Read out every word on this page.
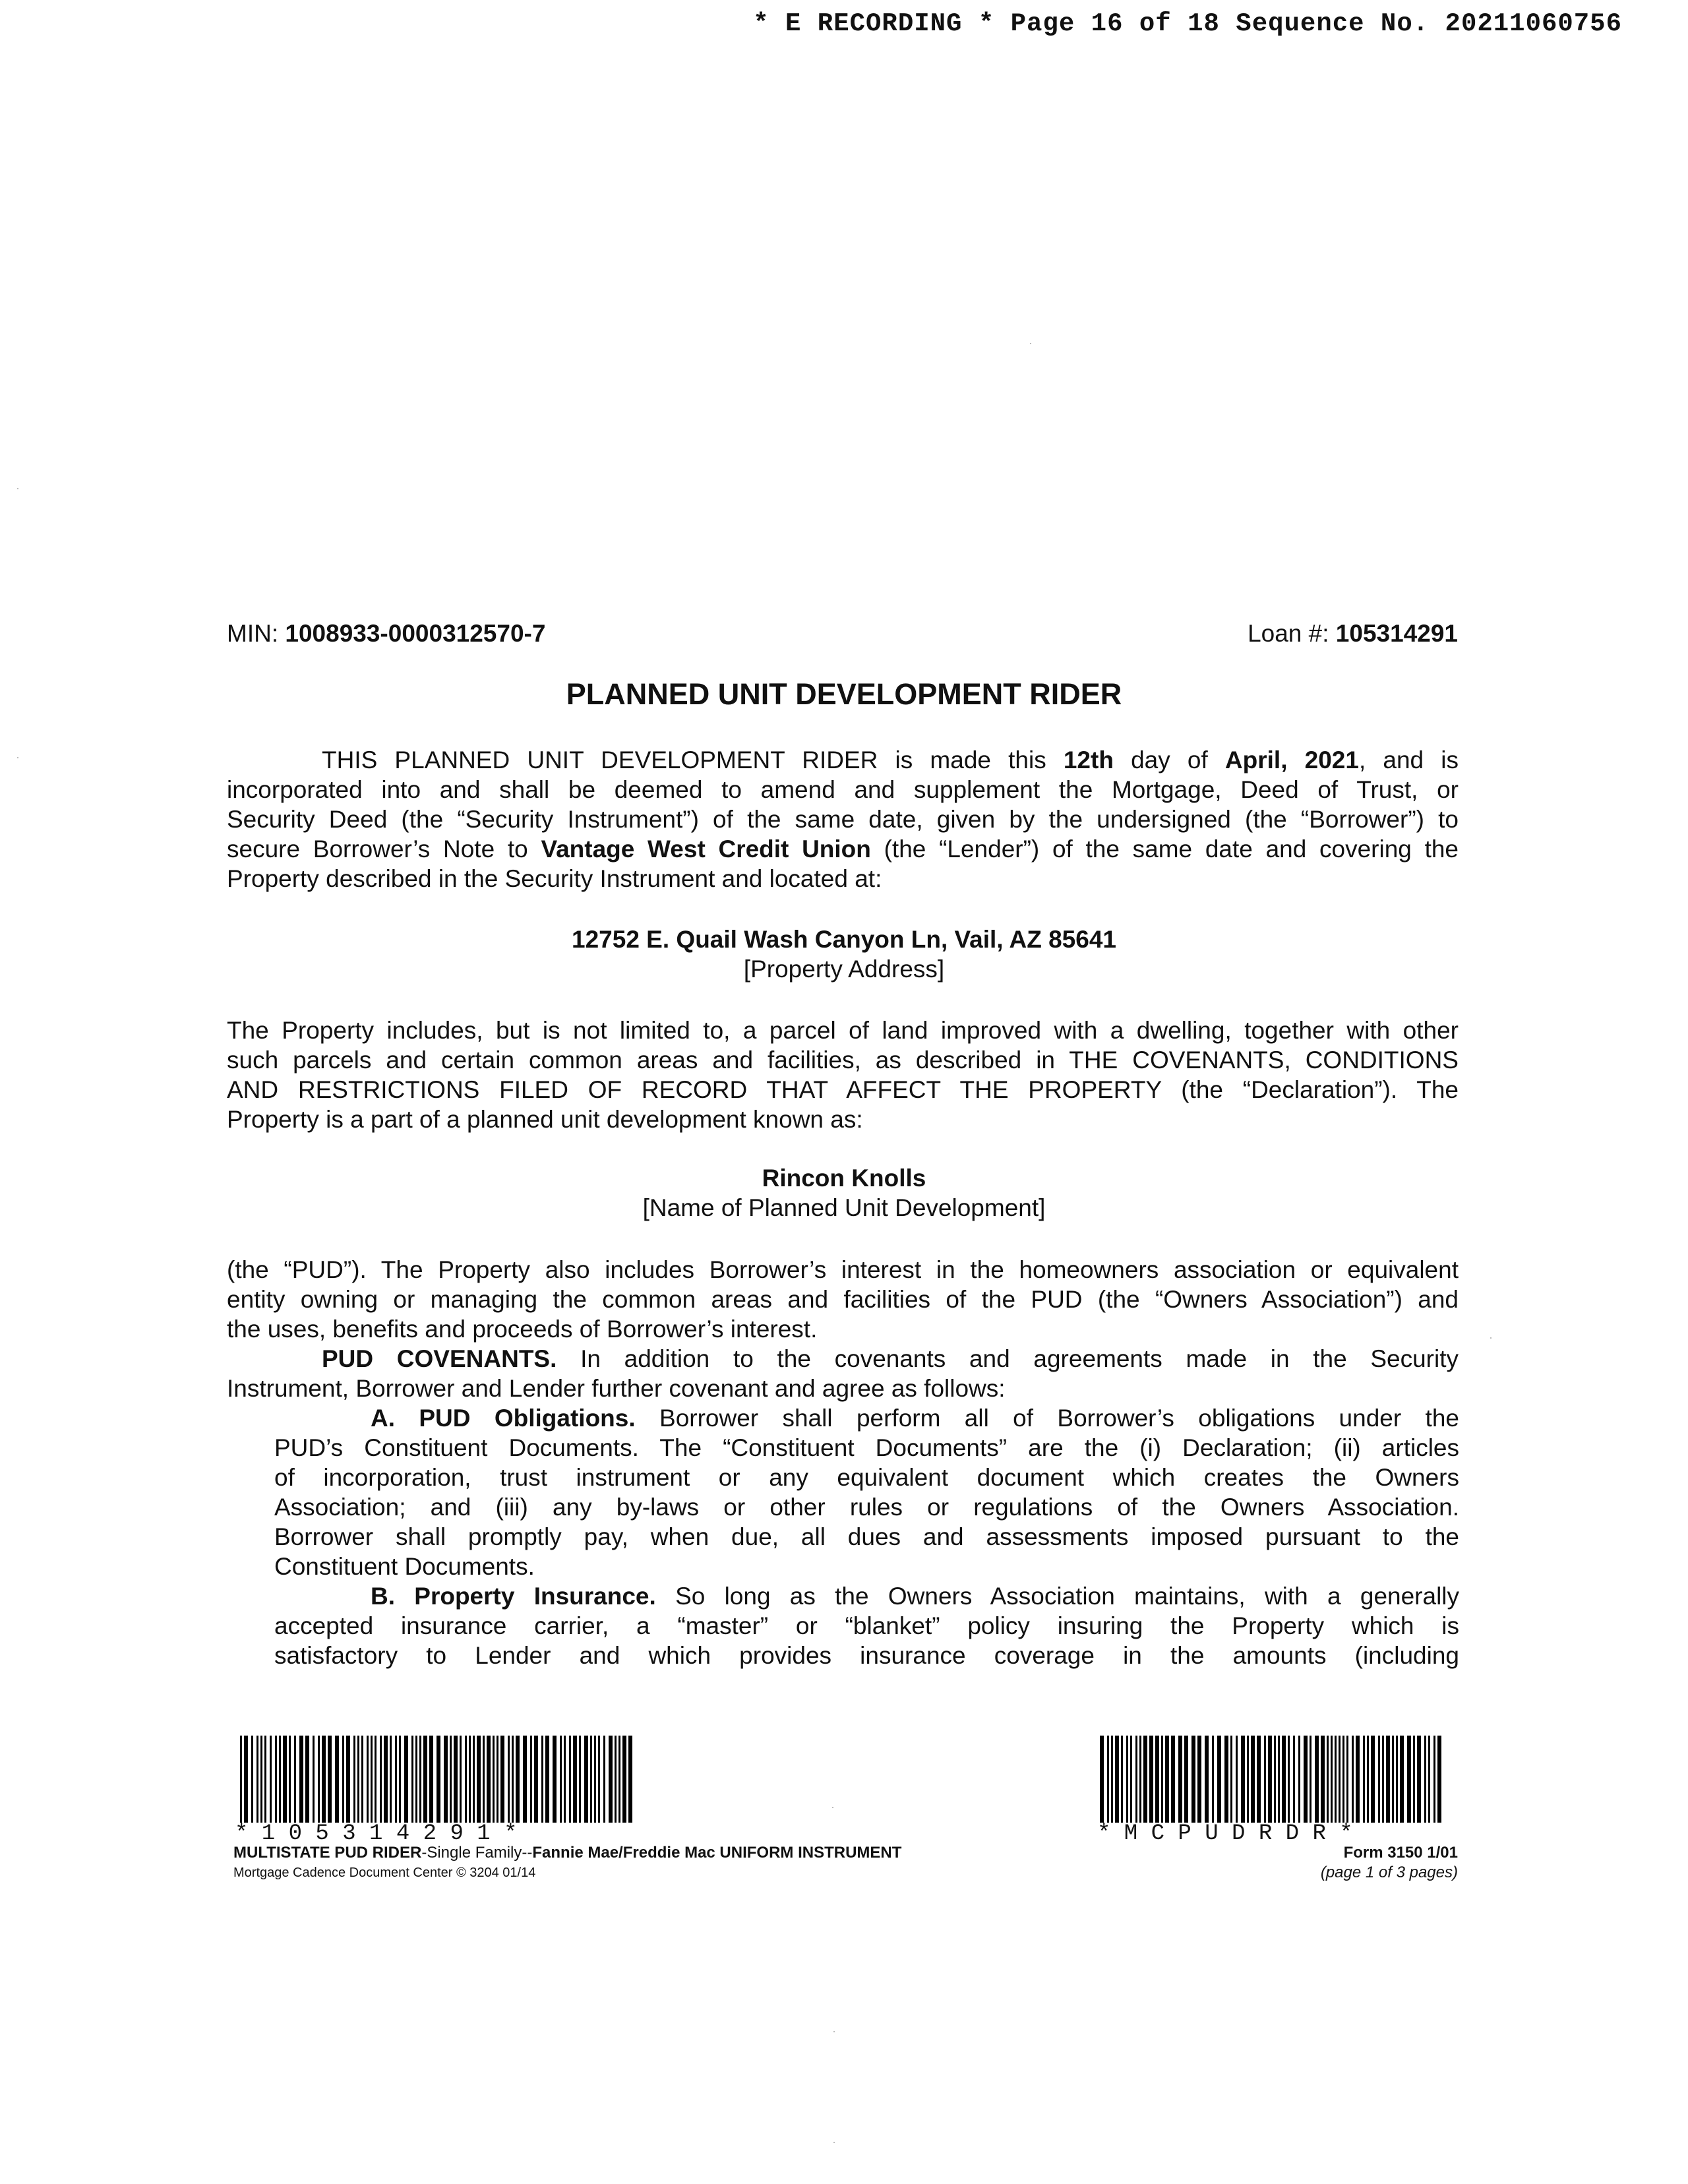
* E RECORDING * Page 16 of 18 Sequence No. 20211060756
MIN: 1008933-0000312570-7	Loan #: 105314291
PLANNED UNIT DEVELOPMENT RIDER
THIS PLANNED UNIT DEVELOPMENT RIDER is made this 12th day of April, 2021, and is
incorporated into and shall be deemed to amend and supplement the Mortgage, Deed of Trust, or
Security Deed (the “Security Instrument”) of the same date, given by the undersigned (the “Borrower”) to
secure Borrower’s Note to Vantage West Credit Union (the “Lender”) of the same date and covering the
Property described in the Security Instrument and located at:
12752 E. Quail Wash Canyon Ln, Vail, AZ 85641
[Property Address]
The Property includes, but is not limited to, a parcel of land improved with a dwelling, together with other
such parcels and certain common areas and facilities, as described in THE COVENANTS, CONDITIONS
AND RESTRICTIONS FILED OF RECORD THAT AFFECT THE PROPERTY (the “Declaration”). The
Property is a part of a planned unit development known as:
Rincon Knolls
[Name of Planned Unit Development]
(the “PUD”). The Property also includes Borrower’s interest in the homeowners association or equivalent
entity owning or managing the common areas and facilities of the PUD (the “Owners Association”) and
the uses, benefits and proceeds of Borrower’s interest.
PUD COVENANTS. In addition to the covenants and agreements made in the Security
Instrument, Borrower and Lender further covenant and agree as follows:
A. PUD Obligations. Borrower shall perform all of Borrower’s obligations under the
PUD’s Constituent Documents. The “Constituent Documents” are the (i) Declaration; (ii) articles
of incorporation, trust instrument or any equivalent document which creates the Owners
Association; and (iii) any by-laws or other rules or regulations of the Owners Association.
Borrower shall promptly pay, when due, all dues and assessments imposed pursuant to the
Constituent Documents.
B. Property Insurance. So long as the Owners Association maintains, with a generally
accepted insurance carrier, a “master” or “blanket” policy insuring the Property which is
satisfactory to Lender and which provides insurance coverage in the amounts (including
* 1 0 5 3 1 4 2 9 1 *	* M C P U D R D R *
MULTISTATE PUD RIDER-Single Family--Fannie Mae/Freddie Mac UNIFORM INSTRUMENT
Mortgage Cadence Document Center © 3204 01/14
Form 3150 1/01
(page 1 of 3 pages)
